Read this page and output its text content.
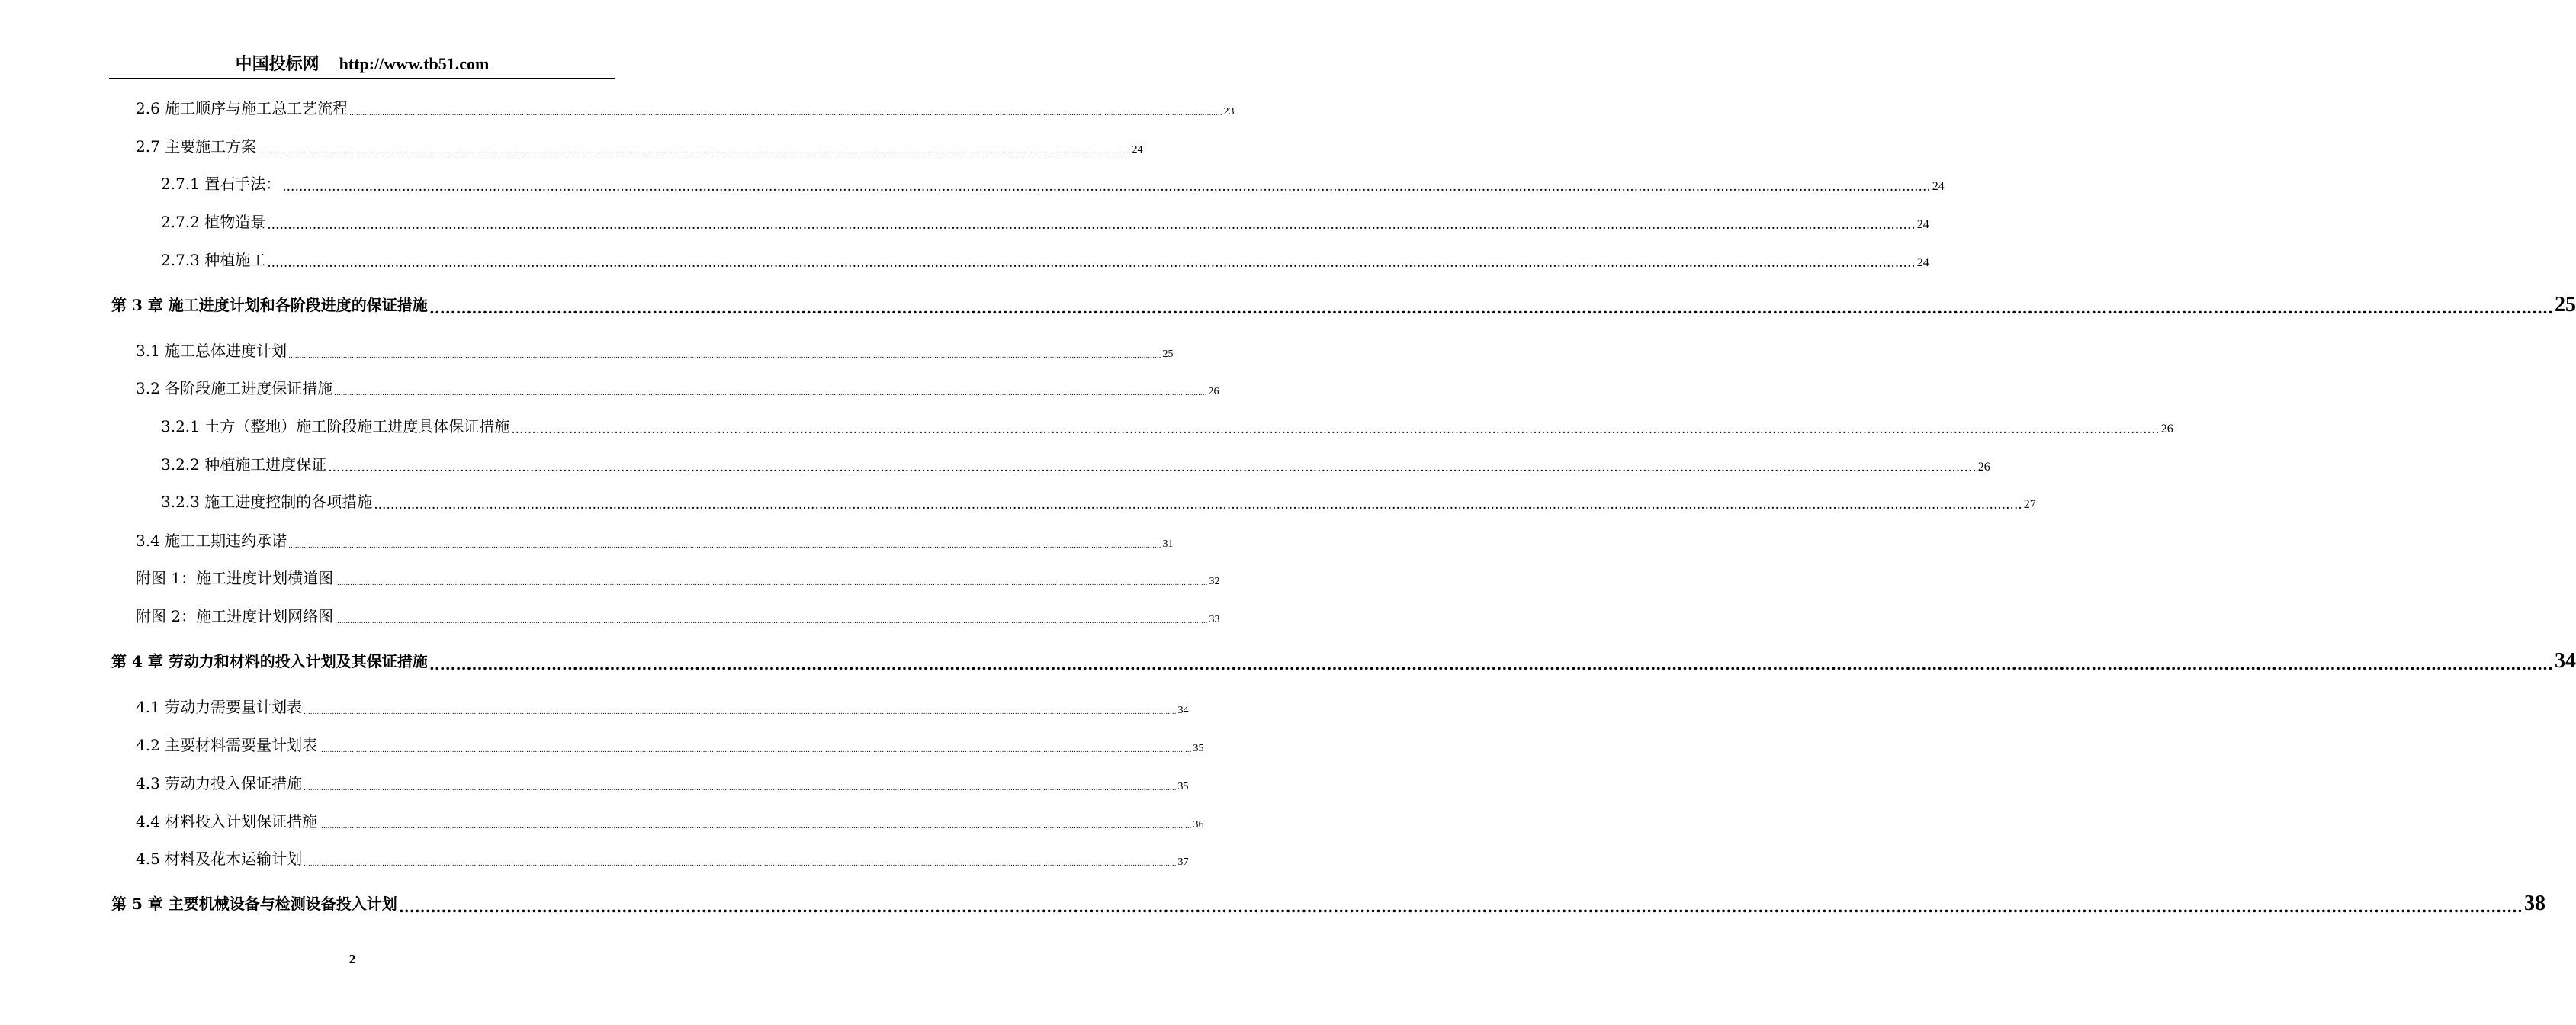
中国投标网 http://www.tb51.com
2.6 施工顺序与施工总工艺流程 ................................................................................................................................................................................................................................................................................................................................................................................................................ 23
2.7 主要施工方案 ................................................................................................................................................................................................................................................................................................................................................................................................................ 24
2.7.1 置石手法： ................................................................................................................................................................................................................................................................................................................................................................................................................ 24
2.7.2 植物造景 ................................................................................................................................................................................................................................................................................................................................................................................................................ 24
2.7.3 种植施工 ................................................................................................................................................................................................................................................................................................................................................................................................................ 24
第 3 章 施工进度计划和各阶段进度的保证措施 ................................................................................................................................................................................................................................................................................................................................................................................................................ 25
3.1 施工总体进度计划 ................................................................................................................................................................................................................................................................................................................................................................................................................ 25
3.2 各阶段施工进度保证措施 ................................................................................................................................................................................................................................................................................................................................................................................................................ 26
3.2.1 土方（整地）施工阶段施工进度具体保证措施 ................................................................................................................................................................................................................................................................................................................................................................................................................ 26
3.2.2 种植施工进度保证 ................................................................................................................................................................................................................................................................................................................................................................................................................ 26
3.2.3 施工进度控制的各项措施 ................................................................................................................................................................................................................................................................................................................................................................................................................ 27
3.4 施工工期违约承诺 ................................................................................................................................................................................................................................................................................................................................................................................................................ 31
附图 1：施工进度计划横道图 ................................................................................................................................................................................................................................................................................................................................................................................................................ 32
附图 2：施工进度计划网络图 ................................................................................................................................................................................................................................................................................................................................................................................................................ 33
第 4 章 劳动力和材料的投入计划及其保证措施 ................................................................................................................................................................................................................................................................................................................................................................................................................ 34
4.1 劳动力需要量计划表 ................................................................................................................................................................................................................................................................................................................................................................................................................ 34
4.2 主要材料需要量计划表 ................................................................................................................................................................................................................................................................................................................................................................................................................ 35
4.3 劳动力投入保证措施 ................................................................................................................................................................................................................................................................................................................................................................................................................ 35
4.4 材料投入计划保证措施 ................................................................................................................................................................................................................................................................................................................................................................................................................ 36
4.5 材料及花木运输计划 ................................................................................................................................................................................................................................................................................................................................................................................................................ 37
第 5 章 主要机械设备与检测设备投入计划 ................................................................................................................................................................................................................................................................................................................................................................................................................ 38
2
